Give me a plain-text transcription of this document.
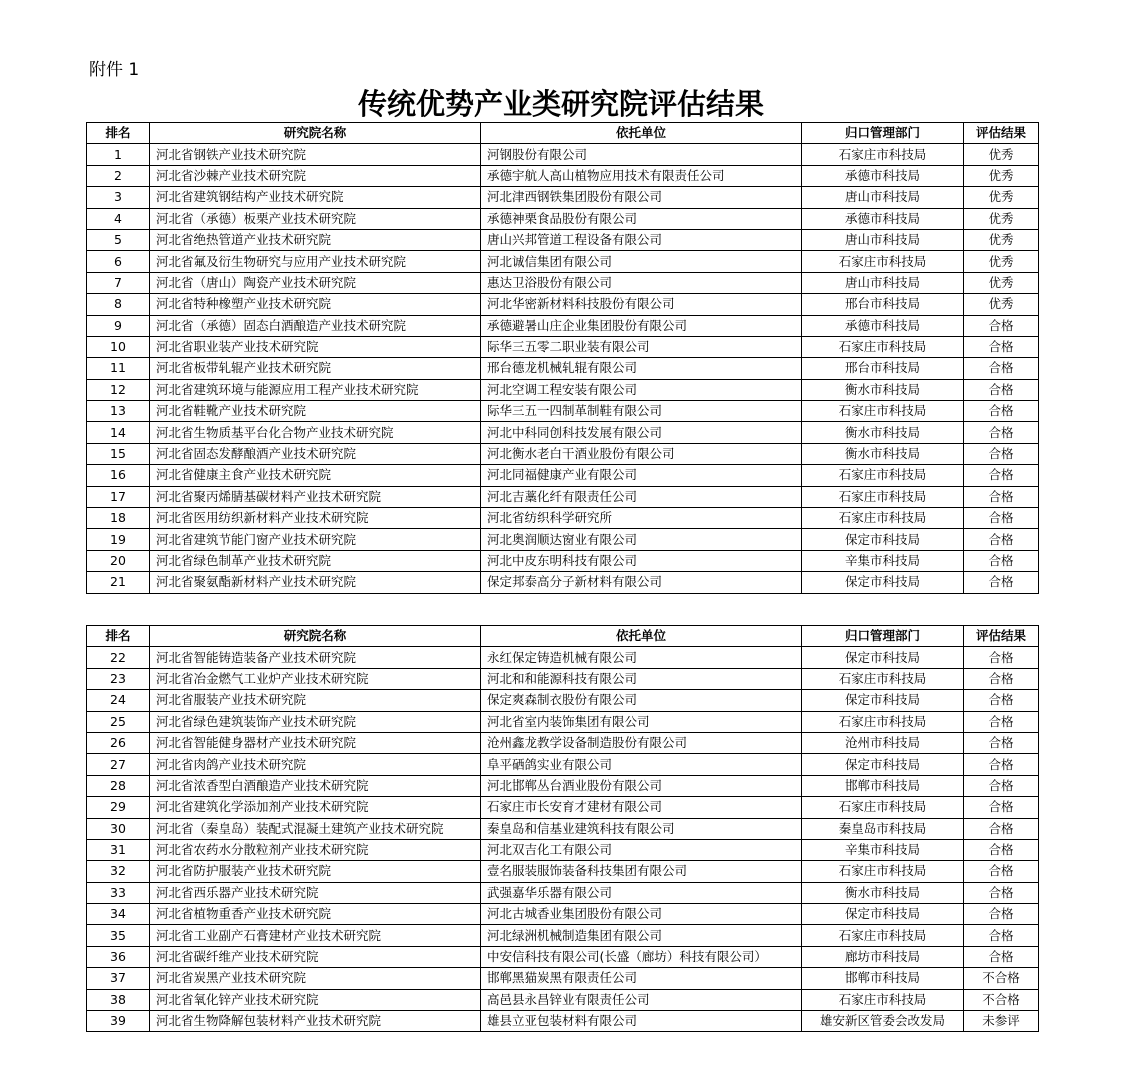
附件 1
传统优势产业类研究院评估结果
排名	研究院名称	依托单位	归口管理部门	评估结果
1	河北省钢铁产业技术研究院	河钢股份有限公司	石家庄市科技局	优秀
2	河北省沙棘产业技术研究院	承德宇航人高山植物应用技术有限责任公司	承德市科技局	优秀
3	河北省建筑钢结构产业技术研究院	河北津西钢铁集团股份有限公司	唐山市科技局	优秀
4	河北省（承德）板栗产业技术研究院	承德神栗食品股份有限公司	承德市科技局	优秀
5	河北省绝热管道产业技术研究院	唐山兴邦管道工程设备有限公司	唐山市科技局	优秀
6	河北省氟及衍生物研究与应用产业技术研究院	河北诚信集团有限公司	石家庄市科技局	优秀
7	河北省（唐山）陶瓷产业技术研究院	惠达卫浴股份有限公司	唐山市科技局	优秀
8	河北省特种橡塑产业技术研究院	河北华密新材料科技股份有限公司	邢台市科技局	优秀
9	河北省（承德）固态白酒酿造产业技术研究院	承德避暑山庄企业集团股份有限公司	承德市科技局	合格
10	河北省职业装产业技术研究院	际华三五零二职业装有限公司	石家庄市科技局	合格
11	河北省板带轧辊产业技术研究院	邢台德龙机械轧辊有限公司	邢台市科技局	合格
12	河北省建筑环境与能源应用工程产业技术研究院	河北空调工程安装有限公司	衡水市科技局	合格
13	河北省鞋靴产业技术研究院	际华三五一四制革制鞋有限公司	石家庄市科技局	合格
14	河北省生物质基平台化合物产业技术研究院	河北中科同创科技发展有限公司	衡水市科技局	合格
15	河北省固态发酵酿酒产业技术研究院	河北衡水老白干酒业股份有限公司	衡水市科技局	合格
16	河北省健康主食产业技术研究院	河北同福健康产业有限公司	石家庄市科技局	合格
17	河北省聚丙烯腈基碳材料产业技术研究院	河北吉藁化纤有限责任公司	石家庄市科技局	合格
18	河北省医用纺织新材料产业技术研究院	河北省纺织科学研究所	石家庄市科技局	合格
19	河北省建筑节能门窗产业技术研究院	河北奥润顺达窗业有限公司	保定市科技局	合格
20	河北省绿色制革产业技术研究院	河北中皮东明科技有限公司	辛集市科技局	合格
21	河北省聚氨酯新材料产业技术研究院	保定邦泰高分子新材料有限公司	保定市科技局	合格
排名	研究院名称	依托单位	归口管理部门	评估结果
22	河北省智能铸造装备产业技术研究院	永红保定铸造机械有限公司	保定市科技局	合格
23	河北省冶金燃气工业炉产业技术研究院	河北和和能源科技有限公司	石家庄市科技局	合格
24	河北省服装产业技术研究院	保定爽森制衣股份有限公司	保定市科技局	合格
25	河北省绿色建筑装饰产业技术研究院	河北省室内装饰集团有限公司	石家庄市科技局	合格
26	河北省智能健身器材产业技术研究院	沧州鑫龙教学设备制造股份有限公司	沧州市科技局	合格
27	河北省肉鸽产业技术研究院	阜平硒鸽实业有限公司	保定市科技局	合格
28	河北省浓香型白酒酿造产业技术研究院	河北邯郸丛台酒业股份有限公司	邯郸市科技局	合格
29	河北省建筑化学添加剂产业技术研究院	石家庄市长安育才建材有限公司	石家庄市科技局	合格
30	河北省（秦皇岛）装配式混凝土建筑产业技术研究院	秦皇岛和信基业建筑科技有限公司	秦皇岛市科技局	合格
31	河北省农药水分散粒剂产业技术研究院	河北双吉化工有限公司	辛集市科技局	合格
32	河北省防护服装产业技术研究院	壹名服装服饰装备科技集团有限公司	石家庄市科技局	合格
33	河北省西乐器产业技术研究院	武强嘉华乐器有限公司	衡水市科技局	合格
34	河北省植物重香产业技术研究院	河北古城香业集团股份有限公司	保定市科技局	合格
35	河北省工业副产石膏建材产业技术研究院	河北绿洲机械制造集团有限公司	石家庄市科技局	合格
36	河北省碳纤维产业技术研究院	中安信科技有限公司(长盛（廊坊）科技有限公司）	廊坊市科技局	合格
37	河北省炭黑产业技术研究院	邯郸黑猫炭黑有限责任公司	邯郸市科技局	不合格
38	河北省氧化锌产业技术研究院	高邑县永昌锌业有限责任公司	石家庄市科技局	不合格
39	河北省生物降解包装材料产业技术研究院	雄县立亚包装材料有限公司	雄安新区管委会改发局	未参评
